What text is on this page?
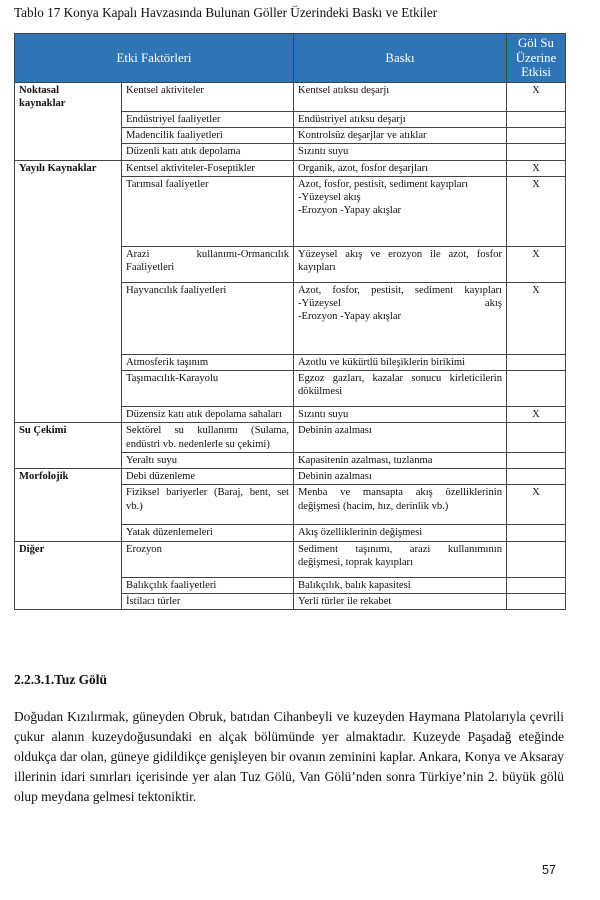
Tablo 17 Konya Kapalı Havzasında Bulunan Göller Üzerindeki Baskı ve Etkiler
Etki Faktörleri		Baskı	Göl Su
Üzerine
Etkisi

Noktasal
kaynaklar	Kentsel aktiviteler	Kentsel atıksu deşarjı	X
	Endüstriyel faaliyetler	Endüstriyel atıksu deşarjı	
	Madencilik faaliyetleri	Kontrolsüz deşarjlar ve atıklar	
	Düzenli katı atık depolama	Sızıntı suyu	
Yayılı Kaynaklar	Kentsel aktiviteler-Foseptikler	Organik, azot, fosfor deşarjları	X
	Tarımsal faaliyetler	Azot, fosfor, pestisit, sediment kayıpları
-Yüzeysel akış
-Erozyon -Yapay akışlar	X
	Arazi kullanımı-Ormancılık Faaliyetleri	Yüzeysel akış ve erozyon ile azot, fosfor kayıpları	X
	Hayvancılık faaliyetleri	Azot, fosfor, pestisit, sediment kayıpları
-Yüzeysel akış
-Erozyon -Yapay akışlar	X
	Atmosferik taşınım	Azotlu ve kükürtlü bileşiklerin birikimi	
	Taşımacılık-Karayolu	Egzoz gazları, kazalar sonucu kirleticilerin dökülmesi	
	Düzensiz katı atık depolama sahaları	Sızıntı suyu	X
Su Çekimi	Sektörel su kullanımı (Sulama, endüstri vb. nedenlerle su çekimi)	Debinin azalması	
	Yeraltı suyu	Kapasitenin azalması, tuzlanma	
Morfolojik	Debi düzenleme	Debinin azalması	
	Fiziksel bariyerler (Baraj, bent, set vb.)	Menba ve mansapta akış özelliklerinin değişmesi (hacim, hız, derinlik vb.)	X
	Yatak düzenlemeleri	Akış özelliklerinin değişmesi	
Diğer	Erozyon	Sediment taşınımı, arazi kullanımının değişmesi, toprak kayıpları	
	Balıkçılık faaliyetleri	Balıkçılık, balık kapasitesi	
	İstilacı türler	Yerli türler ile rekabet	
2.2.3.1.Tuz Gölü

Doğudan Kızılırmak, güneyden Obruk, batıdan Cihanbeyli ve kuzeyden Haymana Platolarıyla çevrili çukur alanın kuzeydoğusundaki en alçak bölümünde yer almaktadır. Kuzeyde Paşadağ eteğinde oldukça dar olan, güneye gidildikçe genişleyen bir ovanın zeminini kaplar. Ankara, Konya ve Aksaray illerinin idari sınırları içerisinde yer alan Tuz Gölü, Van Gölü’nden sonra Türkiye’nin 2. büyük gölü olup meydana gelmesi tektoniktir.

57
